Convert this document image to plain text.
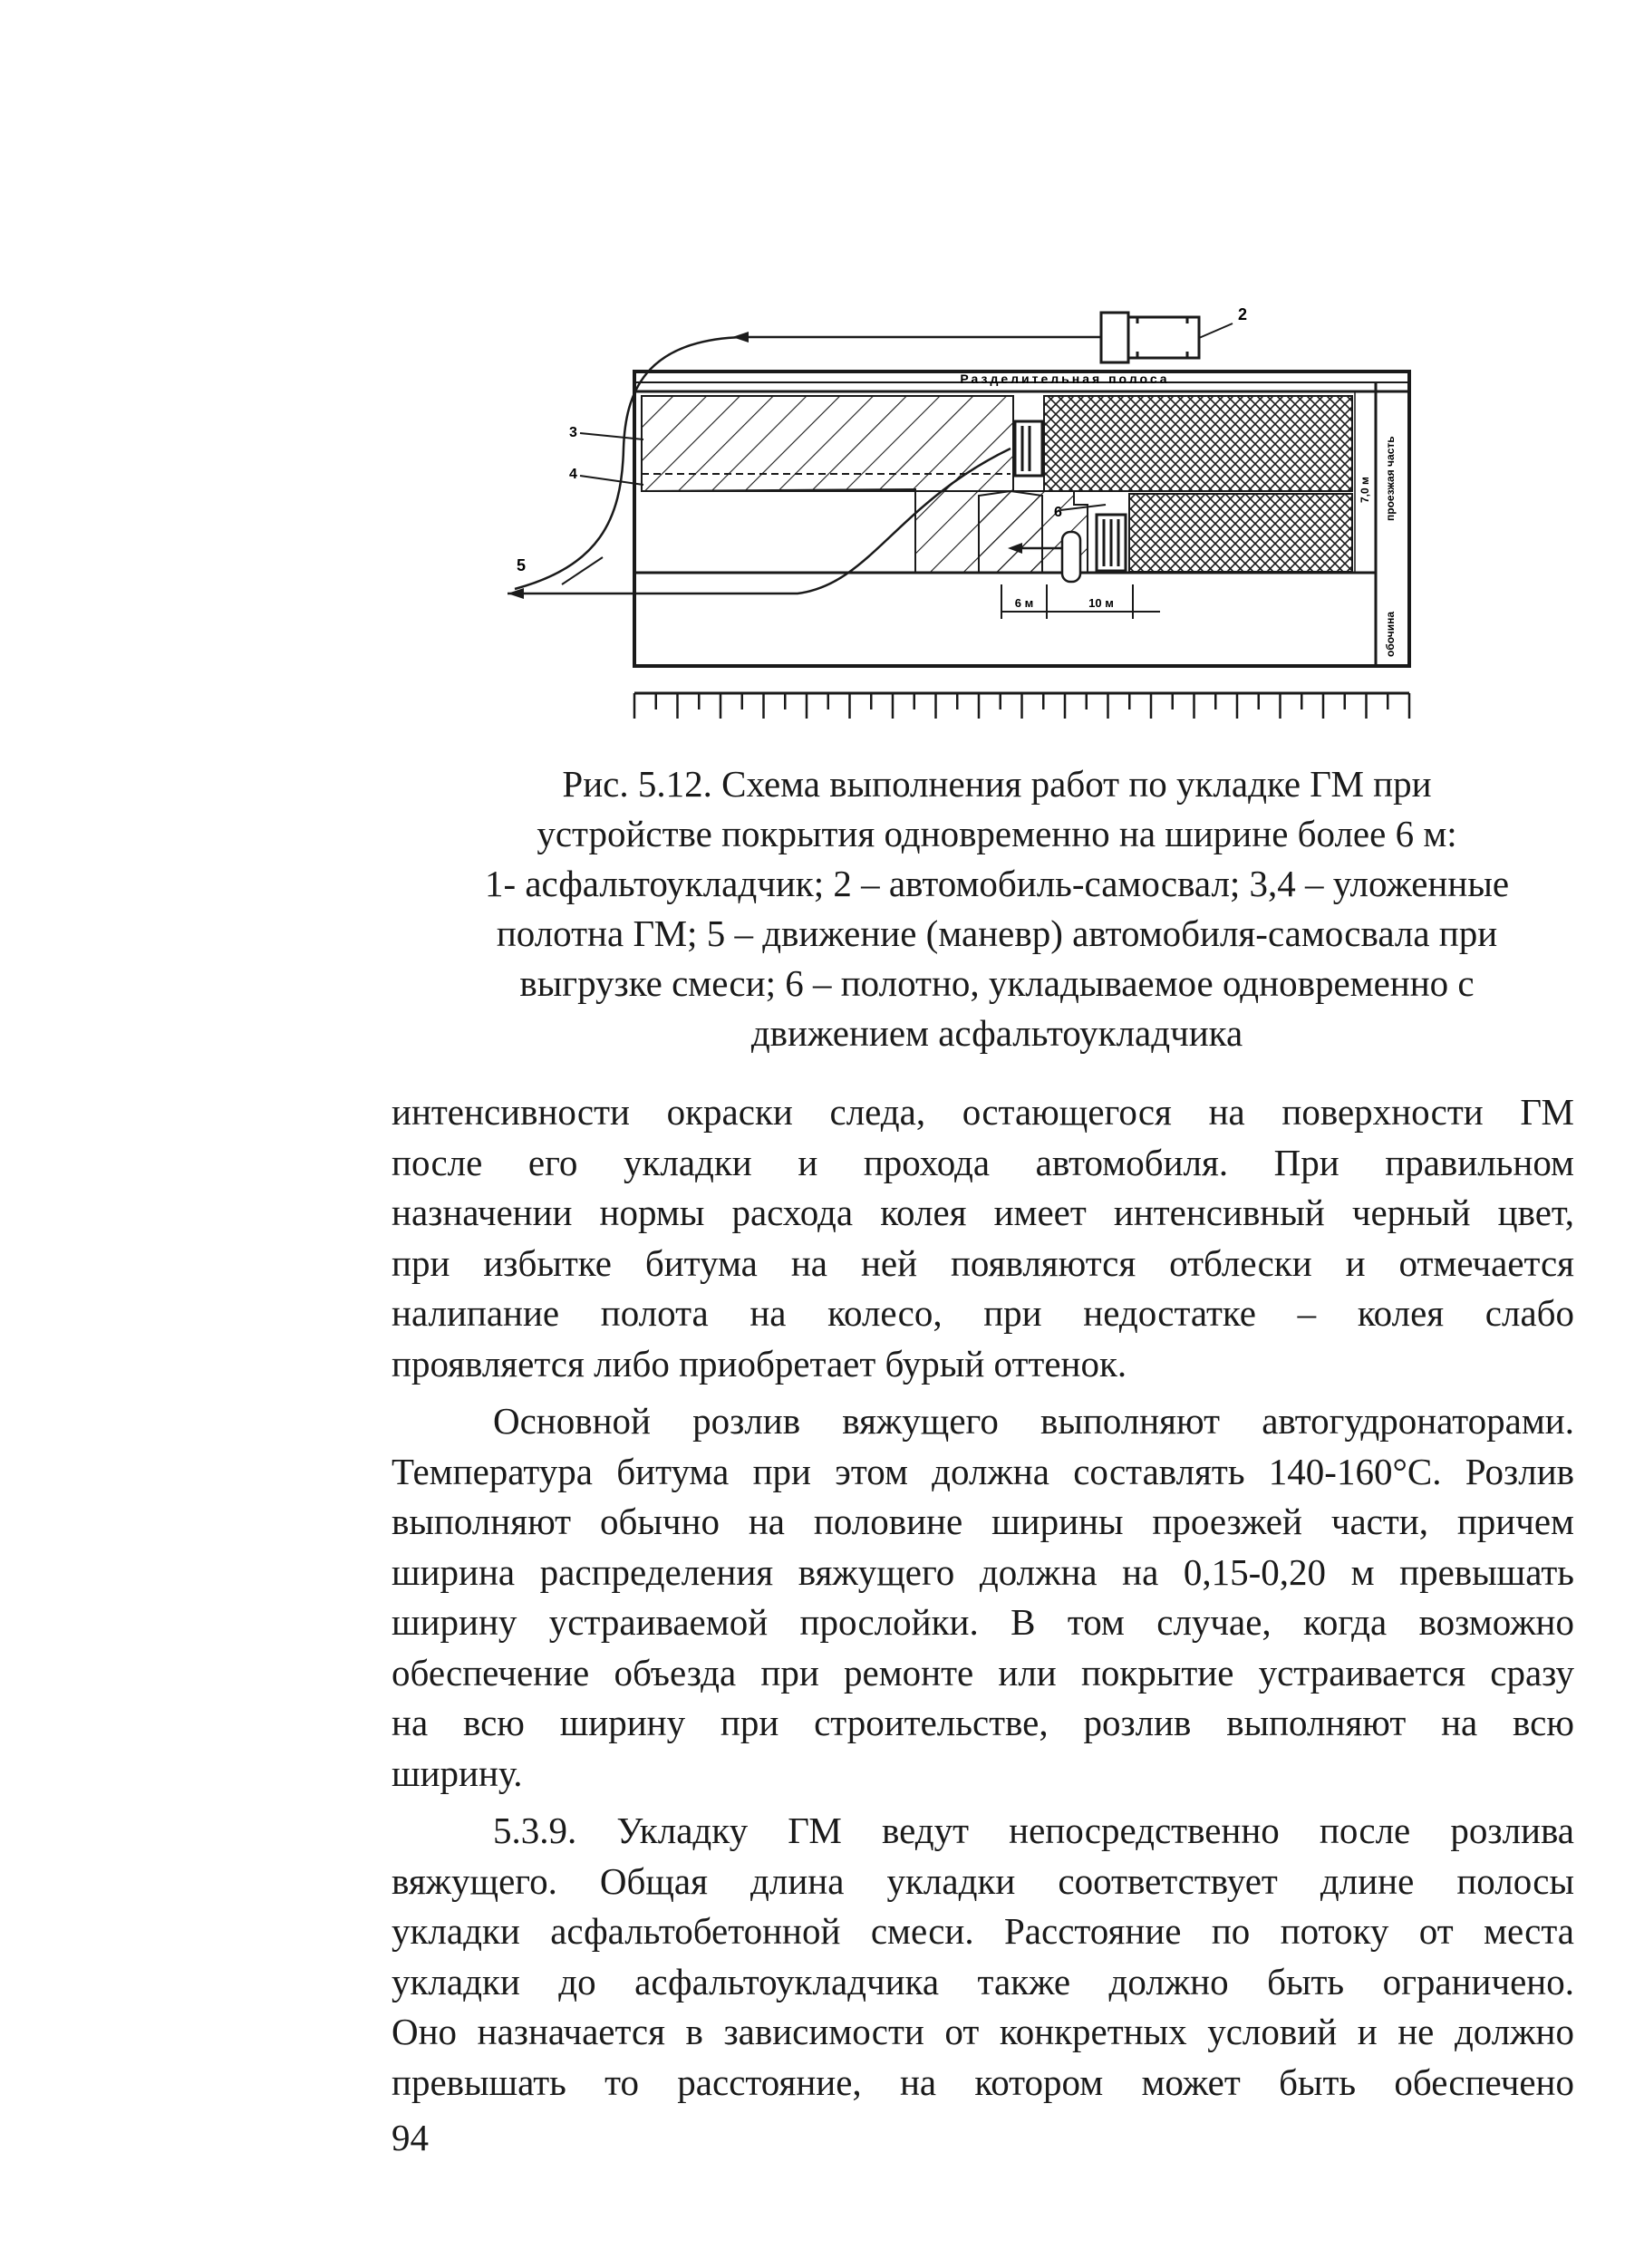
Разделительная полоса
2
5
3
4
6
6 м	10 м
7,0 м проезжая часть
обочина
Рис. 5.12. Схема выполнения работ по укладке ГМ при
устройстве покрытия одновременно на ширине более 6 м:
1- асфальтоукладчик; 2 – автомобиль-самосвал; 3,4 – уложенные
полотна ГМ; 5 – движение (маневр) автомобиля-самосвала при
выгрузке смеси; 6 – полотно, укладываемое одновременно с
движением асфальтоукладчика
интенсивности окраски следа, остающегося на поверхности ГМ
после его укладки и прохода автомобиля. При правильном
назначении нормы расхода колея имеет интенсивный черный цвет,
при избытке битума на ней появляются отблески и отмечается
налипание полота на колесо, при недостатке – колея слабо
проявляется либо приобретает бурый оттенок.
Основной розлив вяжущего выполняют автогудронаторами.
Температура битума при этом должна составлять 140-160°С. Розлив
выполняют обычно на половине ширины проезжей части, причем
ширина распределения вяжущего должна на 0,15-0,20 м превышать
ширину устраиваемой прослойки. В том случае, когда возможно
обеспечение объезда при ремонте или покрытие устраивается сразу
на всю ширину при строительстве, розлив выполняют на всю
ширину.
5.3.9. Укладку ГМ ведут непосредственно после розлива
вяжущего. Общая длина укладки соответствует длине полосы
укладки асфальтобетонной смеси. Расстояние по потоку от места
укладки до асфальтоукладчика также должно быть ограничено.
Оно назначается в зависимости от конкретных условий и не должно
превышать то расстояние, на котором может быть обеспечено
94
